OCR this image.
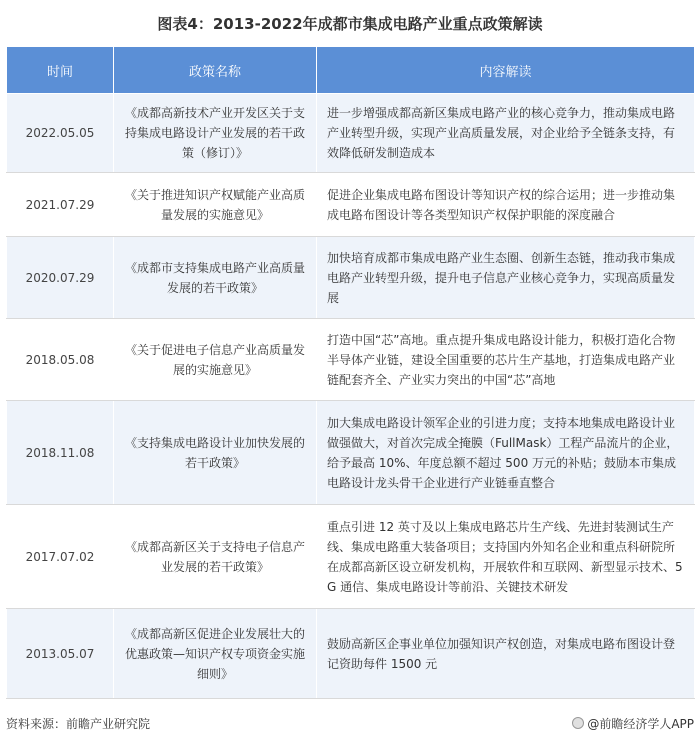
图表4：2013-2022年成都市集成电路产业重点政策解读
时间	政策名称	内容解读
2022.05.05	《成都高新技术产业开发区关于支持集成电路设计产业发展的若干政策（修订）》	进一步增强成都高新区集成电路产业的核心竞争力，推动集成电路产业转型升级，实现产业高质量发展，对企业给予全链条支持，有效降低研发制造成本
2021.07.29	《关于推进知识产权赋能产业高质量发展的实施意见》	促进企业集成电路布图设计等知识产权的综合运用；进一步推动集成电路布图设计等各类型知识产权保护职能的深度融合
2020.07.29	《成都市支持集成电路产业高质量发展的若干政策》	加快培育成都市集成电路产业生态圈、创新生态链，推动我市集成电路产业转型升级，提升电子信息产业核心竞争力，实现高质量发展
2018.05.08	《关于促进电子信息产业高质量发展的实施意见》	打造中国“芯”高地。重点提升集成电路设计能力，积极打造化合物半导体产业链，建设全国重要的芯片生产基地，打造集成电路产业链配套齐全、产业实力突出的中国“芯”高地
2018.11.08	《支持集成电路设计业加快发展的若干政策》	加大集成电路设计领军企业的引进力度；支持本地集成电路设计业做强做大，对首次完成全掩膜（FullMask）工程产品流片的企业，给予最高 10%、年度总额不超过 500 万元的补贴；鼓励本市集成电路设计龙头骨干企业进行产业链垂直整合
2017.07.02	《成都高新区关于支持电子信息产业发展的若干政策》	重点引进 12 英寸及以上集成电路芯片生产线、先进封装测试生产线、集成电路重大装备项目；支持国内外知名企业和重点科研院所在成都高新区设立研发机构，开展软件和互联网、新型显示技术、5G 通信、集成电路设计等前沿、关键技术研发
2013.05.07	《成都高新区促进企业发展壮大的优惠政策—知识产权专项资金实施细则》	鼓励高新区企事业单位加强知识产权创造，对集成电路布图设计登记资助每件 1500 元
资料来源：前瞻产业研究院	@前瞻经济学人APP
